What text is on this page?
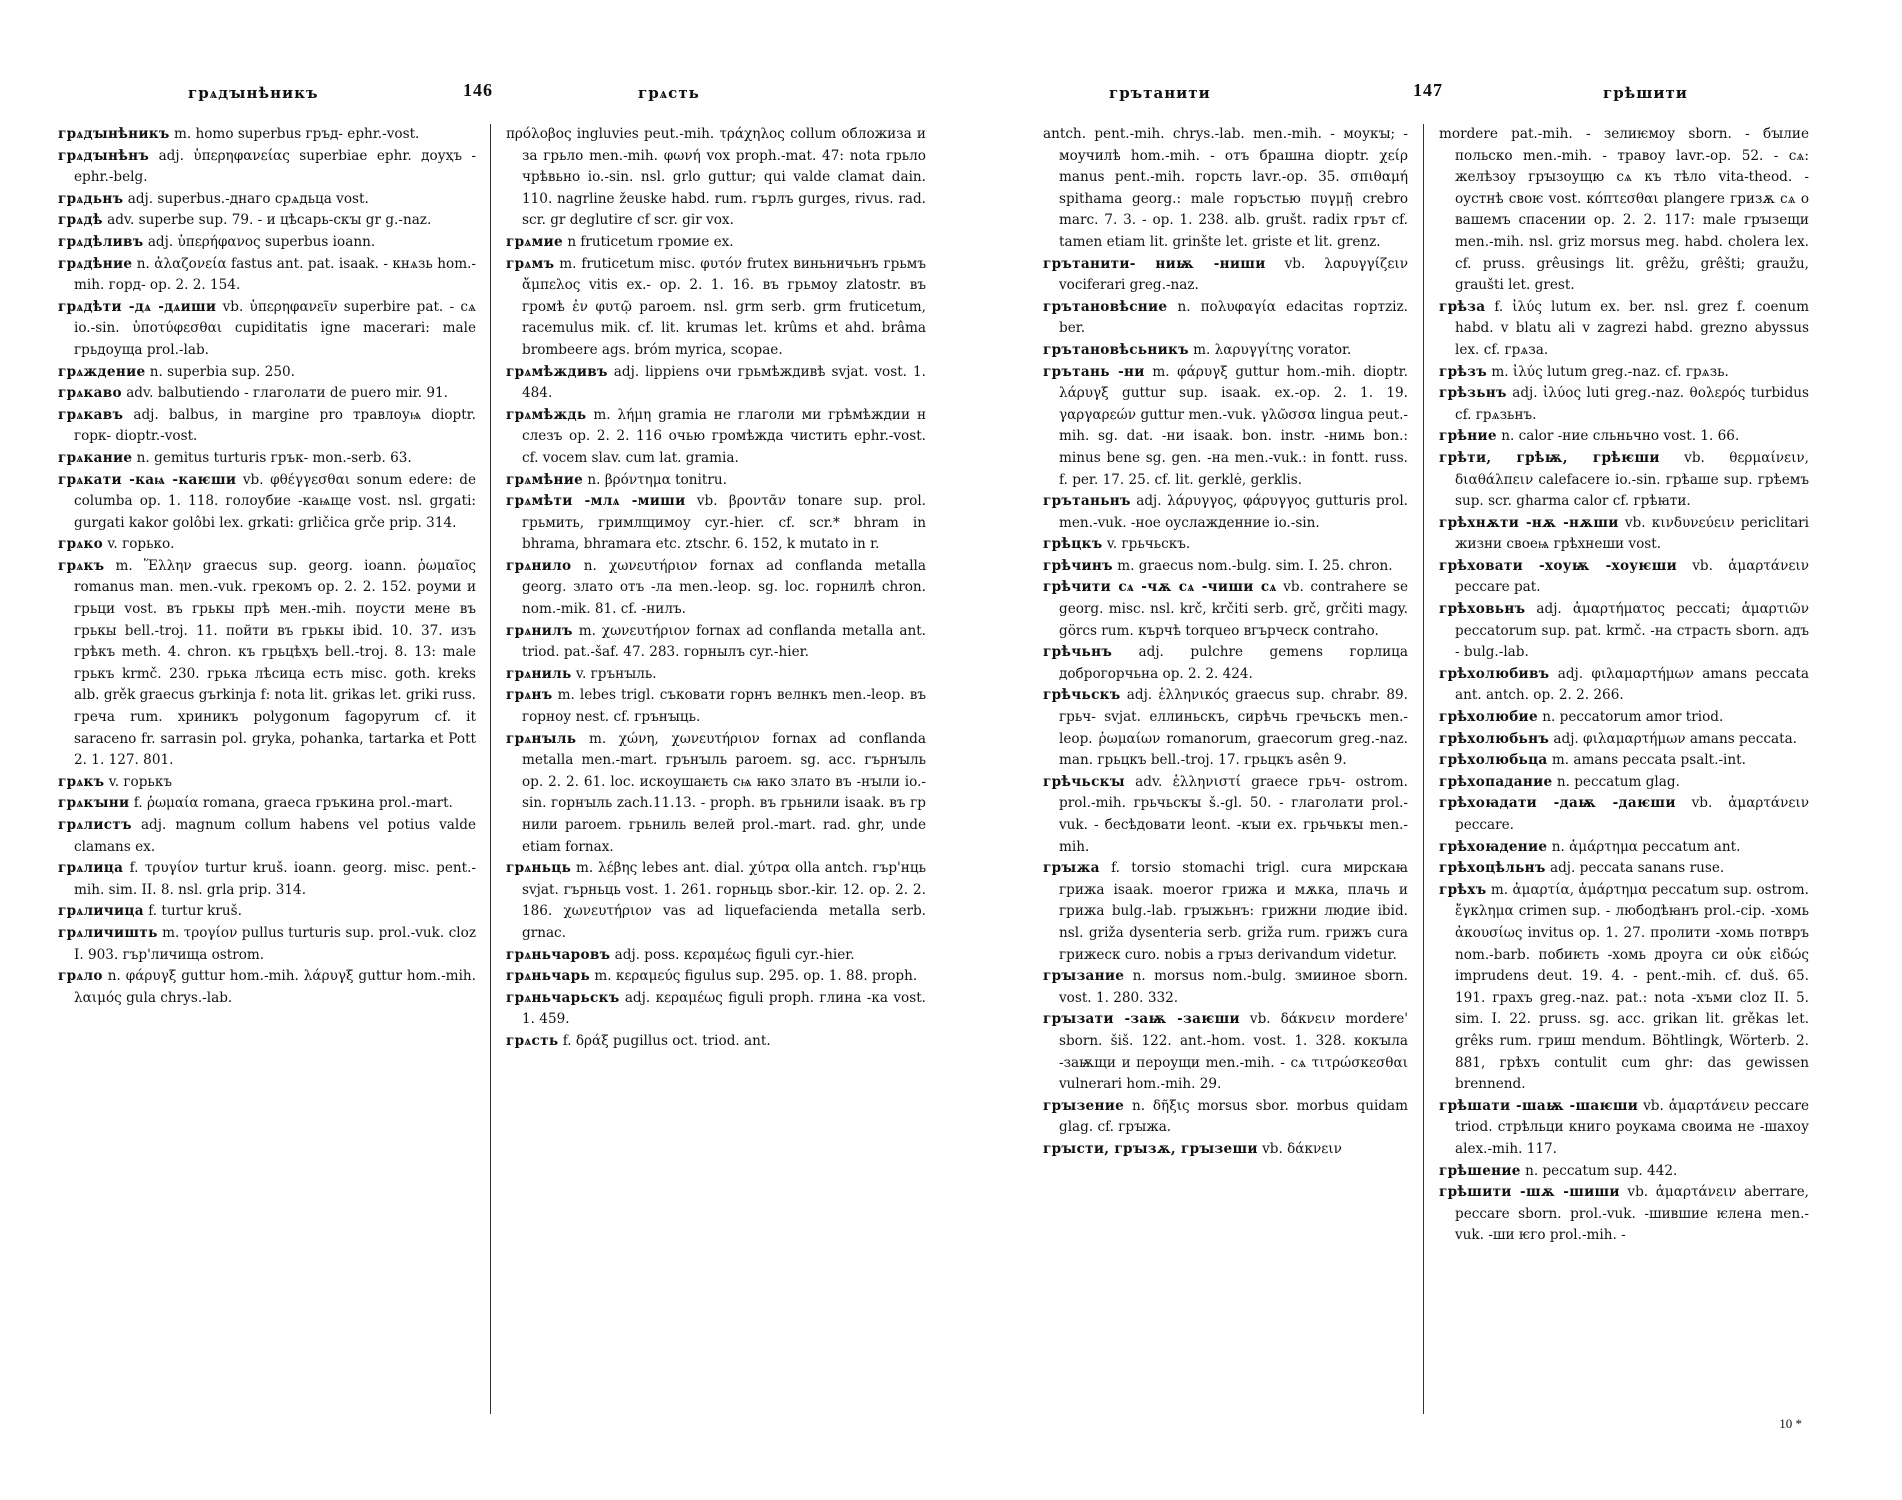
грѧдꙑнѣникъ	146	грѧсть
грѧдꙑнѣникъ m. homo superbus гръд- ephr.-vost.
грѧдꙑнѣнъ adj. ὑπερηφανείας superbiae ephr. доуҳъ - ephr.-belg.
грѧдьнъ adj. superbus.-днаго срѧдьца vost.
грѧдѣ adv. superbe sup. 79. - и цѣсарь-скꙑ gr g.-naz.
грѧдѣливъ adj. ὑπερήφανος superbus ioann.
грѧдѣние n. ἀλαζονεία fastus ant. pat. isaak. - кнѧзь hom.-mih. горд- op. 2. 2. 154.
грѧдѣти -дѧ -дѧиши vb. ὑπερηφανεῖν superbire pat. - сѧ io.-sin. ὑποτύφεσθαι cupiditatis igne macerari: male грьдоуща prol.-lab.
грѧждение n. superbia sup. 250.
грѧкаво adv. balbutiendo - глаголати de puero mir. 91.
грѧкавъ adj. balbus, in margine pro травлоуѩ dioptr. горк- dioptr.-vost.
грѧкание n. gemitus turturis грък- mon.-serb. 63.
грѧкати -каѩ -каѥши vb. φθέγγεσθαι sonum edere: de columba op. 1. 118. голоубие -каѩще vost. nsl. grgati: gurgati kakor golôbi lex. grkati: grličica grče prip. 314.
грѧко v. горько.
грѧкъ m. Ἕλλην graecus sup. georg. ioann. ῥωμαῖος romanus man. men.-vuk. грекомъ op. 2. 2. 152. роуми и грьци vost. въ грькы прѣ мен.-mih. поусти мене въ грькы bell.-troj. 11. пойти въ грькы ibid. 10. 37. изъ грѣкъ meth. 4. chron. къ грьцѣҳъ bell.-troj. 8. 13: male грькъ krmč. 230. грька лѣсица есть misc. goth. kreks alb. grěk graecus gъrkinja f: nota lit. grikas let. griki russ. греча rum. хриникъ polygonum fagopyrum cf. it saraceno fr. sarrasin pol. gryka, pohanka, tartarka et Pott 2. 1. 127. 801.
грѧкъ v. горькъ
грѧкꙑни f. ῥωμαία romana, graeca гръкина prol.-mart.
грѧлистъ adj. magnum collum habens vel potius valde clamans ex.
грѧлица f. τρυγίον turtur kruš. ioann. georg. misc. pent.-mih. sim. II. 8. nsl. grla prip. 314.
грѧличица f. turtur kruš.
грѧличишть m. τρογίον pullus turturis sup. prol.-vuk. cloz I. 903. гър'личища ostrom.
грѧло n. φάρυγξ guttur hom.-mih. λάρυγξ guttur hom.-mih. λαιμός gula chrys.-lab.
πρόλοβος ingluvies peut.-mih. τράχηλος collum обложиза и за грьло men.-mih. φωνή vox proph.-mat. 47: nota грьло чрѣвьно io.-sin. nsl. grlo guttur; qui valde clamat dain. 110. nagrline žeuske habd. rum. гърлъ gurges, rivus. rad. scr. gr deglutire cf scr. gir vox.
грѧмие n fruticetum громие ex.
грѧмъ m. fruticetum misc. φυτόν frutex виньничьнъ грьмъ ἄμπελος vitis ex.- op. 2. 1. 16. въ грьмоу zlatostr. въ громѣ ἐν φυτῷ paroem. nsl. grm serb. grm fruticetum, racemulus mik. cf. lit. krumas let. krûms et ahd. brâma brombeere ags. bróm myrica, scopae.
грѧмѣждивъ adj. lippiens очи грьмѣждивѣ svjat. vost. 1. 484.
грѧмѣждь m. λήμη gramia не глаголи ми грѣмѣждии н слезъ op. 2. 2. 116 очью громѣжда чистить ephr.-vost. cf. vocem slav. cum lat. gramia.
грѧмѣние n. βρόντημα tonitru.
грѧмѣти -млѧ -миши vb. βροντᾶν tonare sup. prol. грьмить, гримлщимоу cyr.-hier. cf. scr.* bhram in bhrama, bhramara etc. ztschr. 6. 152, k mutato in r.
грѧнило n. χωνευτήριον fornax ad conflanda metalla georg. злато отъ -ла men.-leop. sg. loc. горнилѣ chron. nom.-mik. 81. cf. -нилъ.
грѧнилъ m. χωνευτήριον fornax ad conflanda metalla ant. triod. pat.-šaf. 47. 283. горнылъ cyr.-hier.
грѧниль v. грънꙑль.
грѧнъ m. lebes trigl. съковати горнъ велнкъ men.-leop. въ горноу nest. cf. грънꙑць.
грѧнꙑль m. χώνη, χωνευτήριον fornax ad conflanda metalla men.-mart. грънꙑль paroem. sg. acc. гърнꙑль op. 2. 2. 61. loc. искоушаѥть сѩ ꙗко злато въ -нꙑли io.-sin. горнꙑль zach.11.13. - proph. въ грьнили isaak. въ гр нили paroem. грьниль велей prol.-mart. rad. ghr, unde etiam fornax.
грѧньць m. λέβης lebes ant. dial. χύτρα olla antch. гър'нць svjat. гърньць vost. 1. 261. горньць sbor.-kir. 12. op. 2. 2. 186. χωνευτήριον vas ad liquefacienda metalla serb. grnac.
грѧньчаровъ adj. poss. κεραμέως figuli cyr.-hier.
грѧньчарь m. κεραμεύς figulus sup. 295. op. 1. 88. proph.
грѧньчарьскъ adj. κεραμέως figuli proph. глина -ка vost. 1. 459.
грѧсть f. δράξ pugillus oct. triod. ant.
грътанити	147	грѣшити
antch. pent.-mih. chrys.-lab. men.-mih. - моукꙑ; - моучилѣ hom.-mih. - отъ брашна dioptr. χείρ manus pent.-mih. горсть lavr.-op. 35. σπιθαμή spithama georg.: male горъстью πυγμῇ crebro marc. 7. 3. - op. 1. 238. alb. grušt. radix грът cf. tamen etiam lit. grinšte let. griste et lit. grenz.
грътанити- ниѭ -ниши vb. λαρυγγίζειν vociferari greg.-naz.
грътановѣсние n. πολυφαγία edacitas гортziz. ber.
грътановѣсьникъ m. λαρυγγίτης vorator.
грътань -ни m. φάρυγξ guttur hom.-mih. dioptr. λάρυγξ guttur sup. isaak. ex.-op. 2. 1. 19. γαργαρεών guttur men.-vuk. γλῶσσα lingua peut.-mih. sg. dat. -ни isaak. bon. instr. -нимь bon.: minus bene sg. gen. -на men.-vuk.: in fontt. russ. f. per. 17. 25. cf. lit. gerklė, gerklis.
грътаньнъ adj. λάρυγγος, φάρυγγος gutturis prol. men.-vuk. -ное оуслажденние io.-sin.
грѣцкъ v. грьчьскъ.
грѣчинъ m. graecus nom.-bulg. sim. I. 25. chron.
грѣчити сѧ -чѫ сѧ -чиши сѧ vb. contrahere se georg. misc. nsl. krč, krčiti serb. grč, grčiti magy. görcs rum. кърчѣ torqueo вгърческ contraho.
грѣчьнъ adj. pulchre gemens горлица доброгорчьна op. 2. 2. 424.
грѣчьскъ adj. ἑλληνικός graecus sup. chrabr. 89. грьч- svjat. еллиньскъ, сирѣчь гречьскъ men.-leop. ῥωμαίων romanorum, graecorum greg.-naz. man. грьцкъ bell.-troj. 17. грьцкъ asên 9.
грѣчьскꙑ adv. ἑλληνιστί graece грьч- ostrom. prol.-mih. грьчьскꙑ š.-gl. 50. - глаголати prol.-vuk. - бесѣдовати leont. -кꙑи ex. грьчькꙑ men.-mih.
грꙑжа f. torsio stomachi trigl. cura мирскаꙗ грижа isaak. moeror грижа и мѫка, плачь и грижа bulg.-lab. грꙑжьнъ: грижни людие ibid. nsl. griža dysenteria serb. griža rum. грижъ cura грижеск curo. nobis a грꙑз derivandum videtur.
грꙑзание n. morsus nom.-bulg. змииное sborn. vost. 1. 280. 332.
грꙑзати -заѭ -заѥши vb. δάκνειν mordere' sborn. šiš. 122. ant.-hom. vost. 1. 328. кокꙑла -заѭщи и пероущи men.-mih. - сѧ τιτρώσκεσθαι vulnerari hom.-mih. 29.
грꙑзение n. δῆξις morsus sbor. morbus quidam glag. cf. грꙑжа.
грꙑсти, грꙑзѫ, грꙑзеши vb. δάκνειν
mordere pat.-mih. - зелиѥмоу sborn. - бꙑлие польско men.-mih. - травоу lavr.-op. 52. - сѧ: желѣзоу грꙑзоущю сѧ къ тѣло vita-theod. - оустнѣ своѥ vost. κόπτεσθαι plangere гризѫ сѧ о вашемъ спасении op. 2. 2. 117: male грꙑзещи men.-mih. nsl. griz morsus meg. habd. cholera lex. cf. pruss. grêusings lit. grêžu, grêšti; graužu, graušti let. grest.
грѣза f. ἰλύς lutum ex. ber. nsl. grez f. coenum habd. v blatu ali v zagrezi habd. grezno abyssus lex. cf. грѧза.
грѣзъ m. ἰλύς lutum greg.-naz. cf. грѧзь.
грѣзьнъ adj. ἰλύος luti greg.-naz. θολερός turbidus cf. грѧзьнъ.
грѣние n. calor -ние сльньчно vost. 1. 66.
грѣти, грѣѭ, грѣѥши vb. θερμαίνειν, διαθάλπειν calefacere io.-sin. грѣаше sup. грѣемъ sup. scr. gharma calor cf. грѣꙗти.
грѣхнѫти -нѫ -нѫши vb. κινδυνεύειν periclitari жизни своеѩ грѣхнеши vost.
грѣховати -хоуѭ -хоуѥши vb. ἁμαρτάνειν peccare pat.
грѣховьнъ adj. ἁμαρτήματος peccati; ἁμαρτιῶν peccatorum sup. pat. krmč. -на страсть sborn. адъ - bulg.-lab.
грѣхолюбивъ adj. φιλαμαρτήμων amans peccata ant. antch. op. 2. 2. 266.
грѣхолюбие n. peccatorum amor triod.
грѣхолюбьнъ adj. φιλαμαρτήμων amans peccata.
грѣхолюбьца m. amans peccata psalt.-int.
грѣхопадание n. peccatum glag.
грѣхоꙗдати -даѭ -даѥши vb. ἁμαρτάνειν peccare.
грѣхоꙗдение n. ἁμάρτημα peccatum ant.
грѣхоцѣльнъ adj. peccata sanans ruse.
грѣхъ m. ἁμαρτία, ἁμάρτημα peccatum sup. ostrom. ἔγκλημα crimen sup. - любодѣꙗнъ prol.-cip. -хомь ἀκουσίως invitus op. 1. 27. пролити -хомь потвръ nom.-barb. побиѥть -хомь дроуга си οὐκ εἰδώς imprudens deut. 19. 4. - pent.-mih. cf. duš. 65. 191. грахъ greg.-naz. pat.: nota -хъми cloz II. 5. sim. I. 22. pruss. sg. acc. grikan lit. grěkas let. grêks rum. гриш mendum. Böhtlingk, Wörterb. 2. 881, грѣхъ contulit cum ghr: das gewissen brennend.
грѣшати -шаѭ -шаѥши vb. ἁμαρτάνειν peccare triod. стрѣльци книго роукама своима не -шахоу alex.-mih. 117.
грѣшение n. peccatum sup. 442.
грѣшити -шѫ -шиши vb. ἁμαρτάνειν aberrare, peccare sborn. prol.-vuk. -шившие ѥлена men.-vuk. -ши ѥго prol.-mih. -
10 *
